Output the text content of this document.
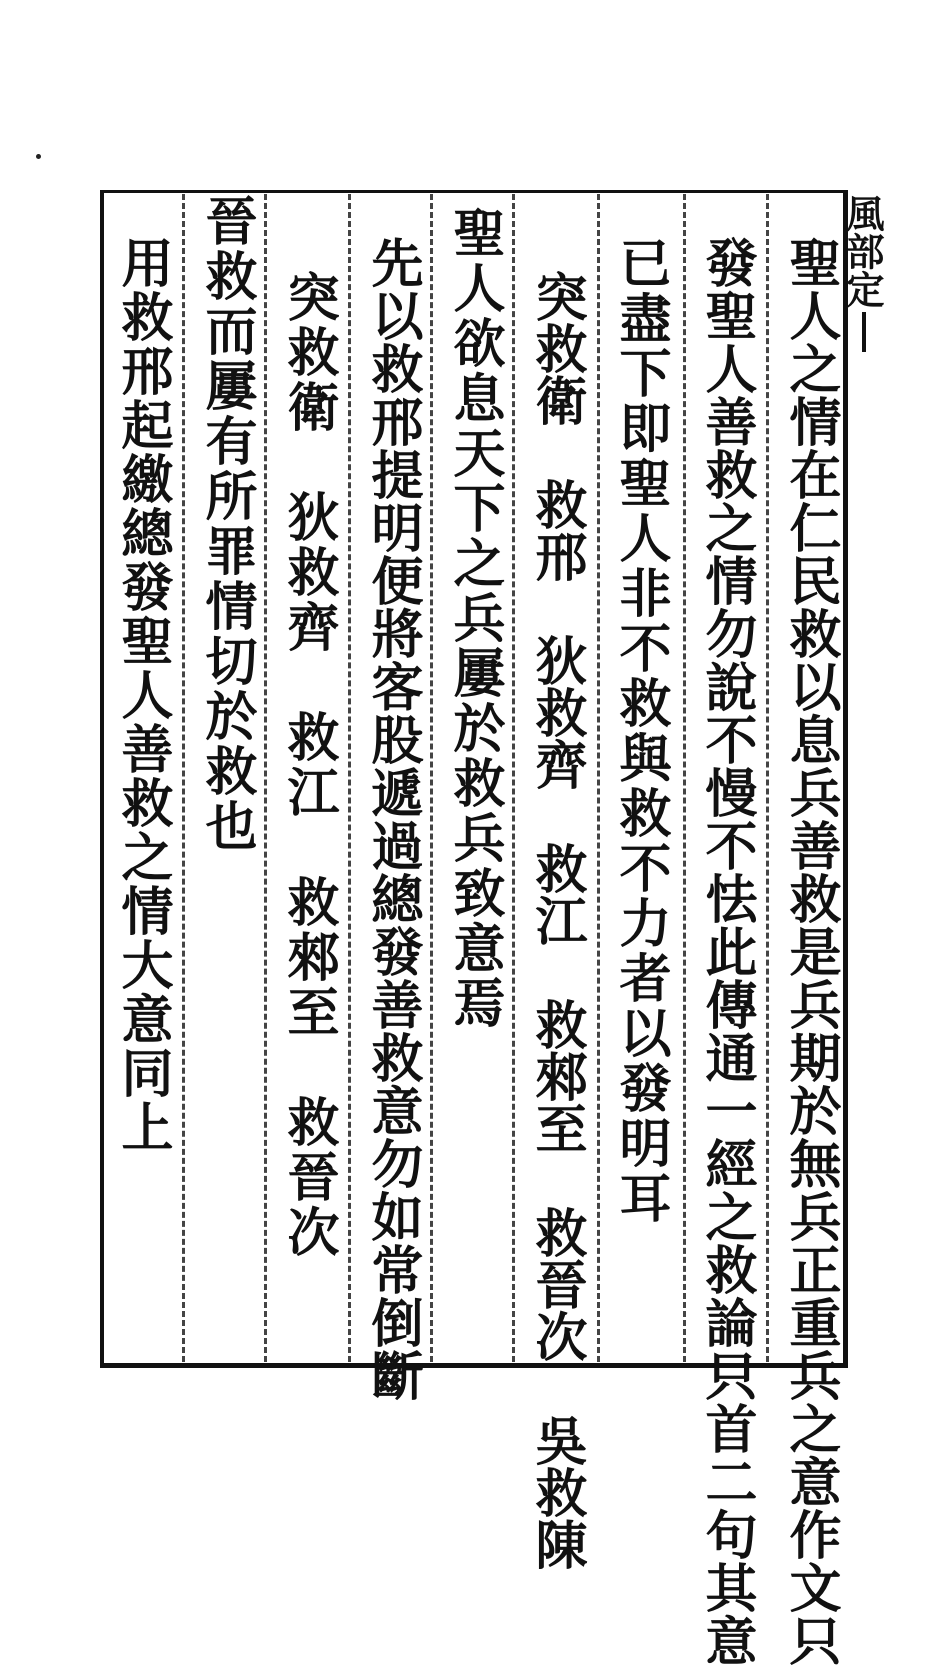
風部定
聖人之情在仁民救以息兵善救是兵期於無兵正重兵之意作文只
發聖人善救之情勿說不慢不怯此傳通一經之救論只首二句其意
已盡下即聖人非不救與救不力者以發明耳
突救衛　救邢　狄救齊　救江　救郲至　救晉次　吳救陳
聖人欲息天下之兵屢於救兵致意焉
先以救邢提明便將客股遞過總發善救意勿如常倒斷
突救衛　狄救齊　救江　救郲至　救晉次
晉救而屢有所罪情切於救也
用救邢起繳總發聖人善救之情大意同上
